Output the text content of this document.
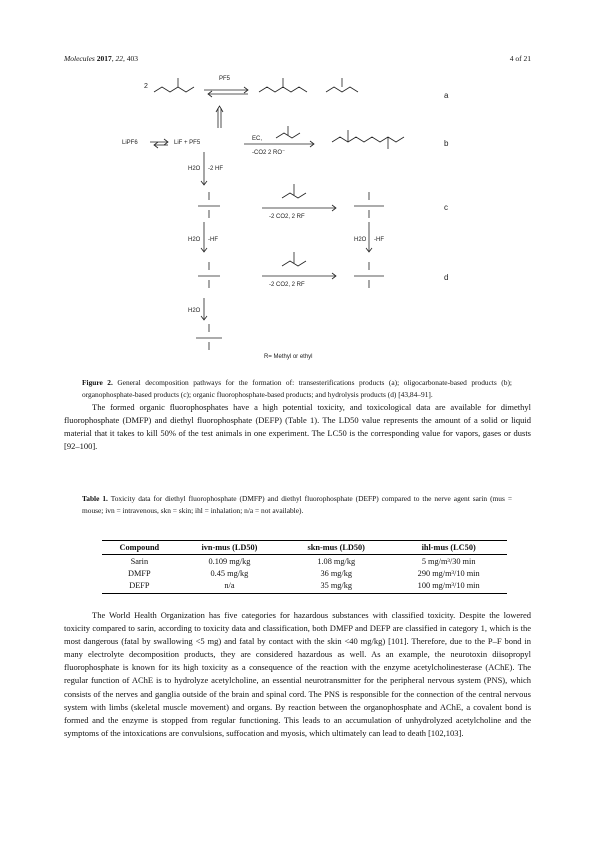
Molecules 2017, 22, 403	4 of 21
2
PF5
LiPF6	LiF + PF5
EC,
-CO2 2 RO⁻
H2O -2 HF
H2O -HF	H2O -HF
-2 CO2, 2 RF
-2 CO2, 2 RF
H2O
R= Methyl or ethyl
a
b
c
d
Figure 2. General decomposition pathways for the formation of: transesterifications products (a); oligocarbonate-based products (b); organophosphate-based products (c); organic fluorophosphate-based products; and hydrolysis products (d) [43,84–91].
The formed organic fluorophosphates have a high potential toxicity, and toxicological data are available for dimethyl fluorophosphate (DMFP) and diethyl fluorophosphate (DEFP) (Table 1). The LD50 value represents the amount of a solid or liquid material that it takes to kill 50% of the test animals in one experiment. The LC50 is the corresponding value for vapors, gases or dusts [92–100].
Table 1. Toxicity data for diethyl fluorophosphate (DMFP) and diethyl fluorophosphate (DEFP) compared to the nerve agent sarin (mus = mouse; ivn = intravenous, skn = skin; ihl = inhalation; n/a = not available).
Compound	ivn-mus (LD50)	skn-mus (LD50)	ihl-mus (LC50)
Sarin	0.109 mg/kg	1.08 mg/kg	5 mg/m³/30 min
DMFP	0.45 mg/kg	36 mg/kg	290 mg/m³/10 min
DEFP	n/a	35 mg/kg	100 mg/m³/10 min
The World Health Organization has five categories for hazardous substances with classified toxicity. Despite the lowered toxicity compared to sarin, according to toxicity data and classification, both DMFP and DEFP are classified in category 1, which is the most dangerous (fatal by swallowing <5 mg) and fatal by contact with the skin <40 mg/kg) [101]. Therefore, due to the P–F bond in many electrolyte decomposition products, they are considered hazardous as well. As an example, the neurotoxin diisopropyl fluorophosphate is known for its high toxicity as a consequence of the reaction with the enzyme acetylcholinesterase (AChE). The regular function of AChE is to hydrolyze acetylcholine, an essential neurotransmitter for the peripheral nervous system (PNS), which consists of the nerves and ganglia outside of the brain and spinal cord. The PNS is responsible for the connection of the central nervous system with limbs (skeletal muscle movement) and organs. By reaction between the organophosphate and AChE, a covalent bond is formed and the enzyme is stopped from regular functioning. This leads to an accumulation of unhydrolyzed acetylcholine and the symptoms of the intoxications are convulsions, suffocation and myosis, which ultimately can lead to death [102,103].
